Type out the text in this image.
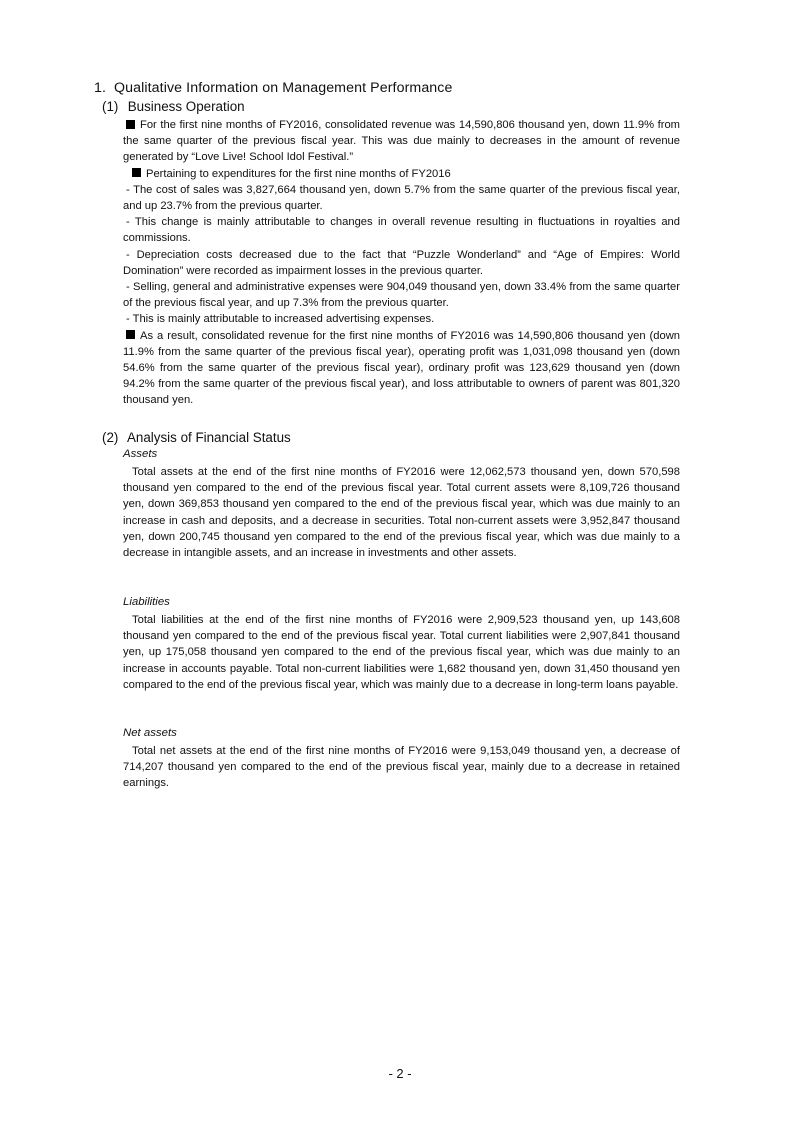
1. Qualitative Information on Management Performance
(1) Business Operation

For the first nine months of FY2016, consolidated revenue was 14,590,806 thousand yen, down 11.9% from the same quarter of the previous fiscal year. This was due mainly to decreases in the amount of revenue generated by “Love Live! School Idol Festival.”

Pertaining to expenditures for the first nine months of FY2016

- The cost of sales was 3,827,664 thousand yen, down 5.7% from the same quarter of the previous fiscal year, and up 23.7% from the previous quarter.

- This change is mainly attributable to changes in overall revenue resulting in fluctuations in royalties and commissions.

- Depreciation costs decreased due to the fact that “Puzzle Wonderland” and “Age of Empires: World Domination” were recorded as impairment losses in the previous quarter.

- Selling, general and administrative expenses were 904,049 thousand yen, down 33.4% from the same quarter of the previous fiscal year, and up 7.3% from the previous quarter.

- This is mainly attributable to increased advertising expenses.

As a result, consolidated revenue for the first nine months of FY2016 was 14,590,806 thousand yen (down 11.9% from the same quarter of the previous fiscal year), operating profit was 1,031,098 thousand yen (down 54.6% from the same quarter of the previous fiscal year), ordinary profit was 123,629 thousand yen (down 94.2% from the same quarter of the previous fiscal year), and loss attributable to owners of parent was 801,320 thousand yen.

(2) Analysis of Financial Status
Assets

Total assets at the end of the first nine months of FY2016 were 12,062,573 thousand yen, down 570,598 thousand yen compared to the end of the previous fiscal year. Total current assets were 8,109,726 thousand yen, down 369,853 thousand yen compared to the end of the previous fiscal year, which was due mainly to an increase in cash and deposits, and a decrease in securities. Total non-current assets were 3,952,847 thousand yen, down 200,745 thousand yen compared to the end of the previous fiscal year, which was due mainly to a decrease in intangible assets, and an increase in investments and other assets.

Liabilities

Total liabilities at the end of the first nine months of FY2016 were 2,909,523 thousand yen, up 143,608 thousand yen compared to the end of the previous fiscal year. Total current liabilities were 2,907,841 thousand yen, up 175,058 thousand yen compared to the end of the previous fiscal year, which was due mainly to an increase in accounts payable. Total non-current liabilities were 1,682 thousand yen, down 31,450 thousand yen compared to the end of the previous fiscal year, which was mainly due to a decrease in long-term loans payable.

Net assets

Total net assets at the end of the first nine months of FY2016 were 9,153,049 thousand yen, a decrease of 714,207 thousand yen compared to the end of the previous fiscal year, mainly due to a decrease in retained earnings.

- 2 -
